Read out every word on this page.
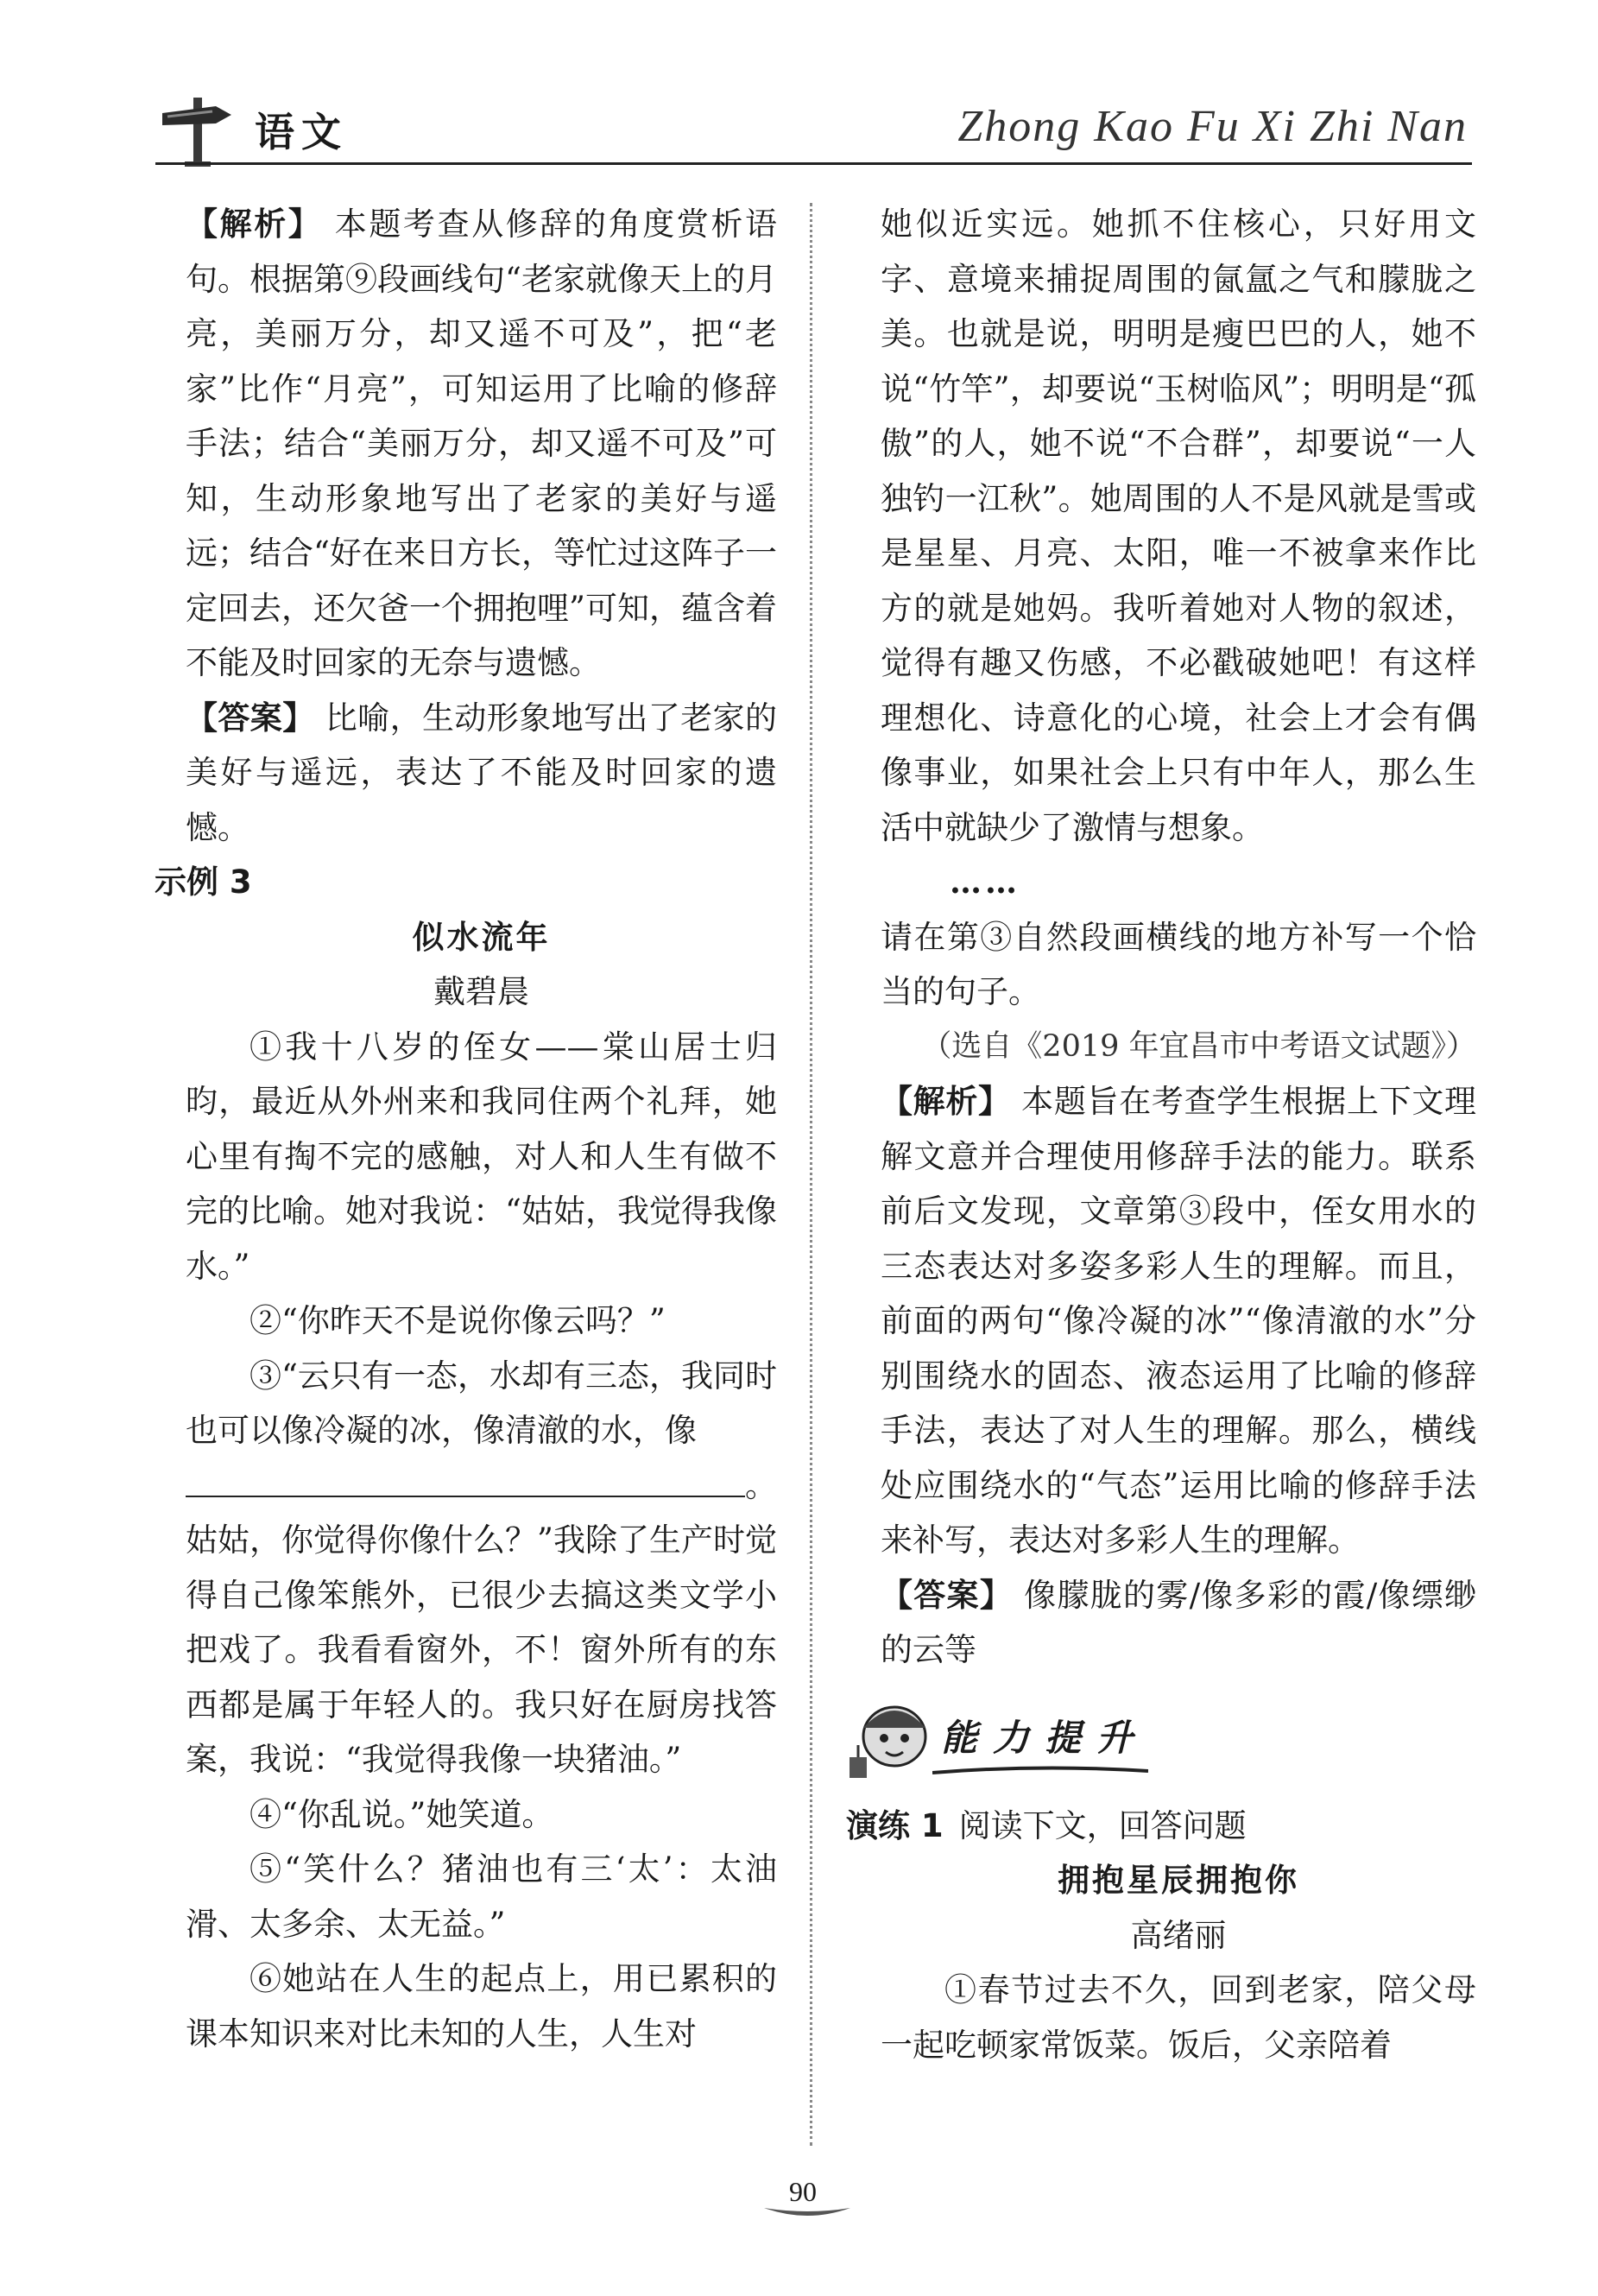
语文	Zhong Kao Fu Xi Zhi Nan

【解析】 本题考查从修辞的角度赏析语句。根据第⑨段画线句“老家就像天上的月亮，美丽万分，却又遥不可及”，把“老家”比作“月亮”，可知运用了比喻的修辞手法；结合“美丽万分，却又遥不可及”可知，生动形象地写出了老家的美好与遥远；结合“好在来日方长，等忙过这阵子一定回去，还欠爸一个拥抱哩”可知，蕴含着不能及时回家的无奈与遗憾。

【答案】 比喻，生动形象地写出了老家的美好与遥远，表达了不能及时回家的遗憾。

示例 3

似水流年

戴碧晨

①我十八岁的侄女——棠山居士归昀，最近从外州来和我同住两个礼拜，她心里有掏不完的感触，对人和人生有做不完的比喻。她对我说：“姑姑，我觉得我像水。”

②“你昨天不是说你像云吗？”

③“云只有一态，水却有三态，我同时也可以像冷凝的冰，像清澈的水，像

。

姑姑，你觉得你像什么？”我除了生产时觉得自己像笨熊外，已很少去搞这类文学小把戏了。我看看窗外，不！窗外所有的东西都是属于年轻人的。我只好在厨房找答案，我说：“我觉得我像一块猪油。”

④“你乱说。”她笑道。

⑤“笑什么？猪油也有三‘太’：太油滑、太多余、太无益。”

⑥她站在人生的起点上，用已累积的课本知识来对比未知的人生，人生对

她似近实远。她抓不住核心，只好用文字、意境来捕捉周围的氤氲之气和朦胧之美。也就是说，明明是瘦巴巴的人，她不说“竹竿”，却要说“玉树临风”；明明是“孤傲”的人，她不说“不合群”，却要说“一人独钓一江秋”。她周围的人不是风就是雪或是星星、月亮、太阳，唯一不被拿来作比方的就是她妈。我听着她对人物的叙述，觉得有趣又伤感，不必戳破她吧！有这样理想化、诗意化的心境，社会上才会有偶像事业，如果社会上只有中年人，那么生活中就缺少了激情与想象。

……

请在第③自然段画横线的地方补写一个恰当的句子。

（选自《2019 年宜昌市中考语文试题》）

【解析】 本题旨在考查学生根据上下文理解文意并合理使用修辞手法的能力。联系前后文发现，文章第③段中，侄女用水的三态表达对多姿多彩人生的理解。而且，前面的两句“像冷凝的冰”“像清澈的水”分别围绕水的固态、液态运用了比喻的修辞手法，表达了对人生的理解。那么，横线处应围绕水的“气态”运用比喻的修辞手法来补写，表达对多彩人生的理解。

【答案】 像朦胧的雾/像多彩的霞/像缥缈的云等

能力提升

演练 1 阅读下文，回答问题

拥抱星辰拥抱你

高绪丽

①春节过去不久，回到老家，陪父母一起吃顿家常饭菜。饭后，父亲陪着

90
